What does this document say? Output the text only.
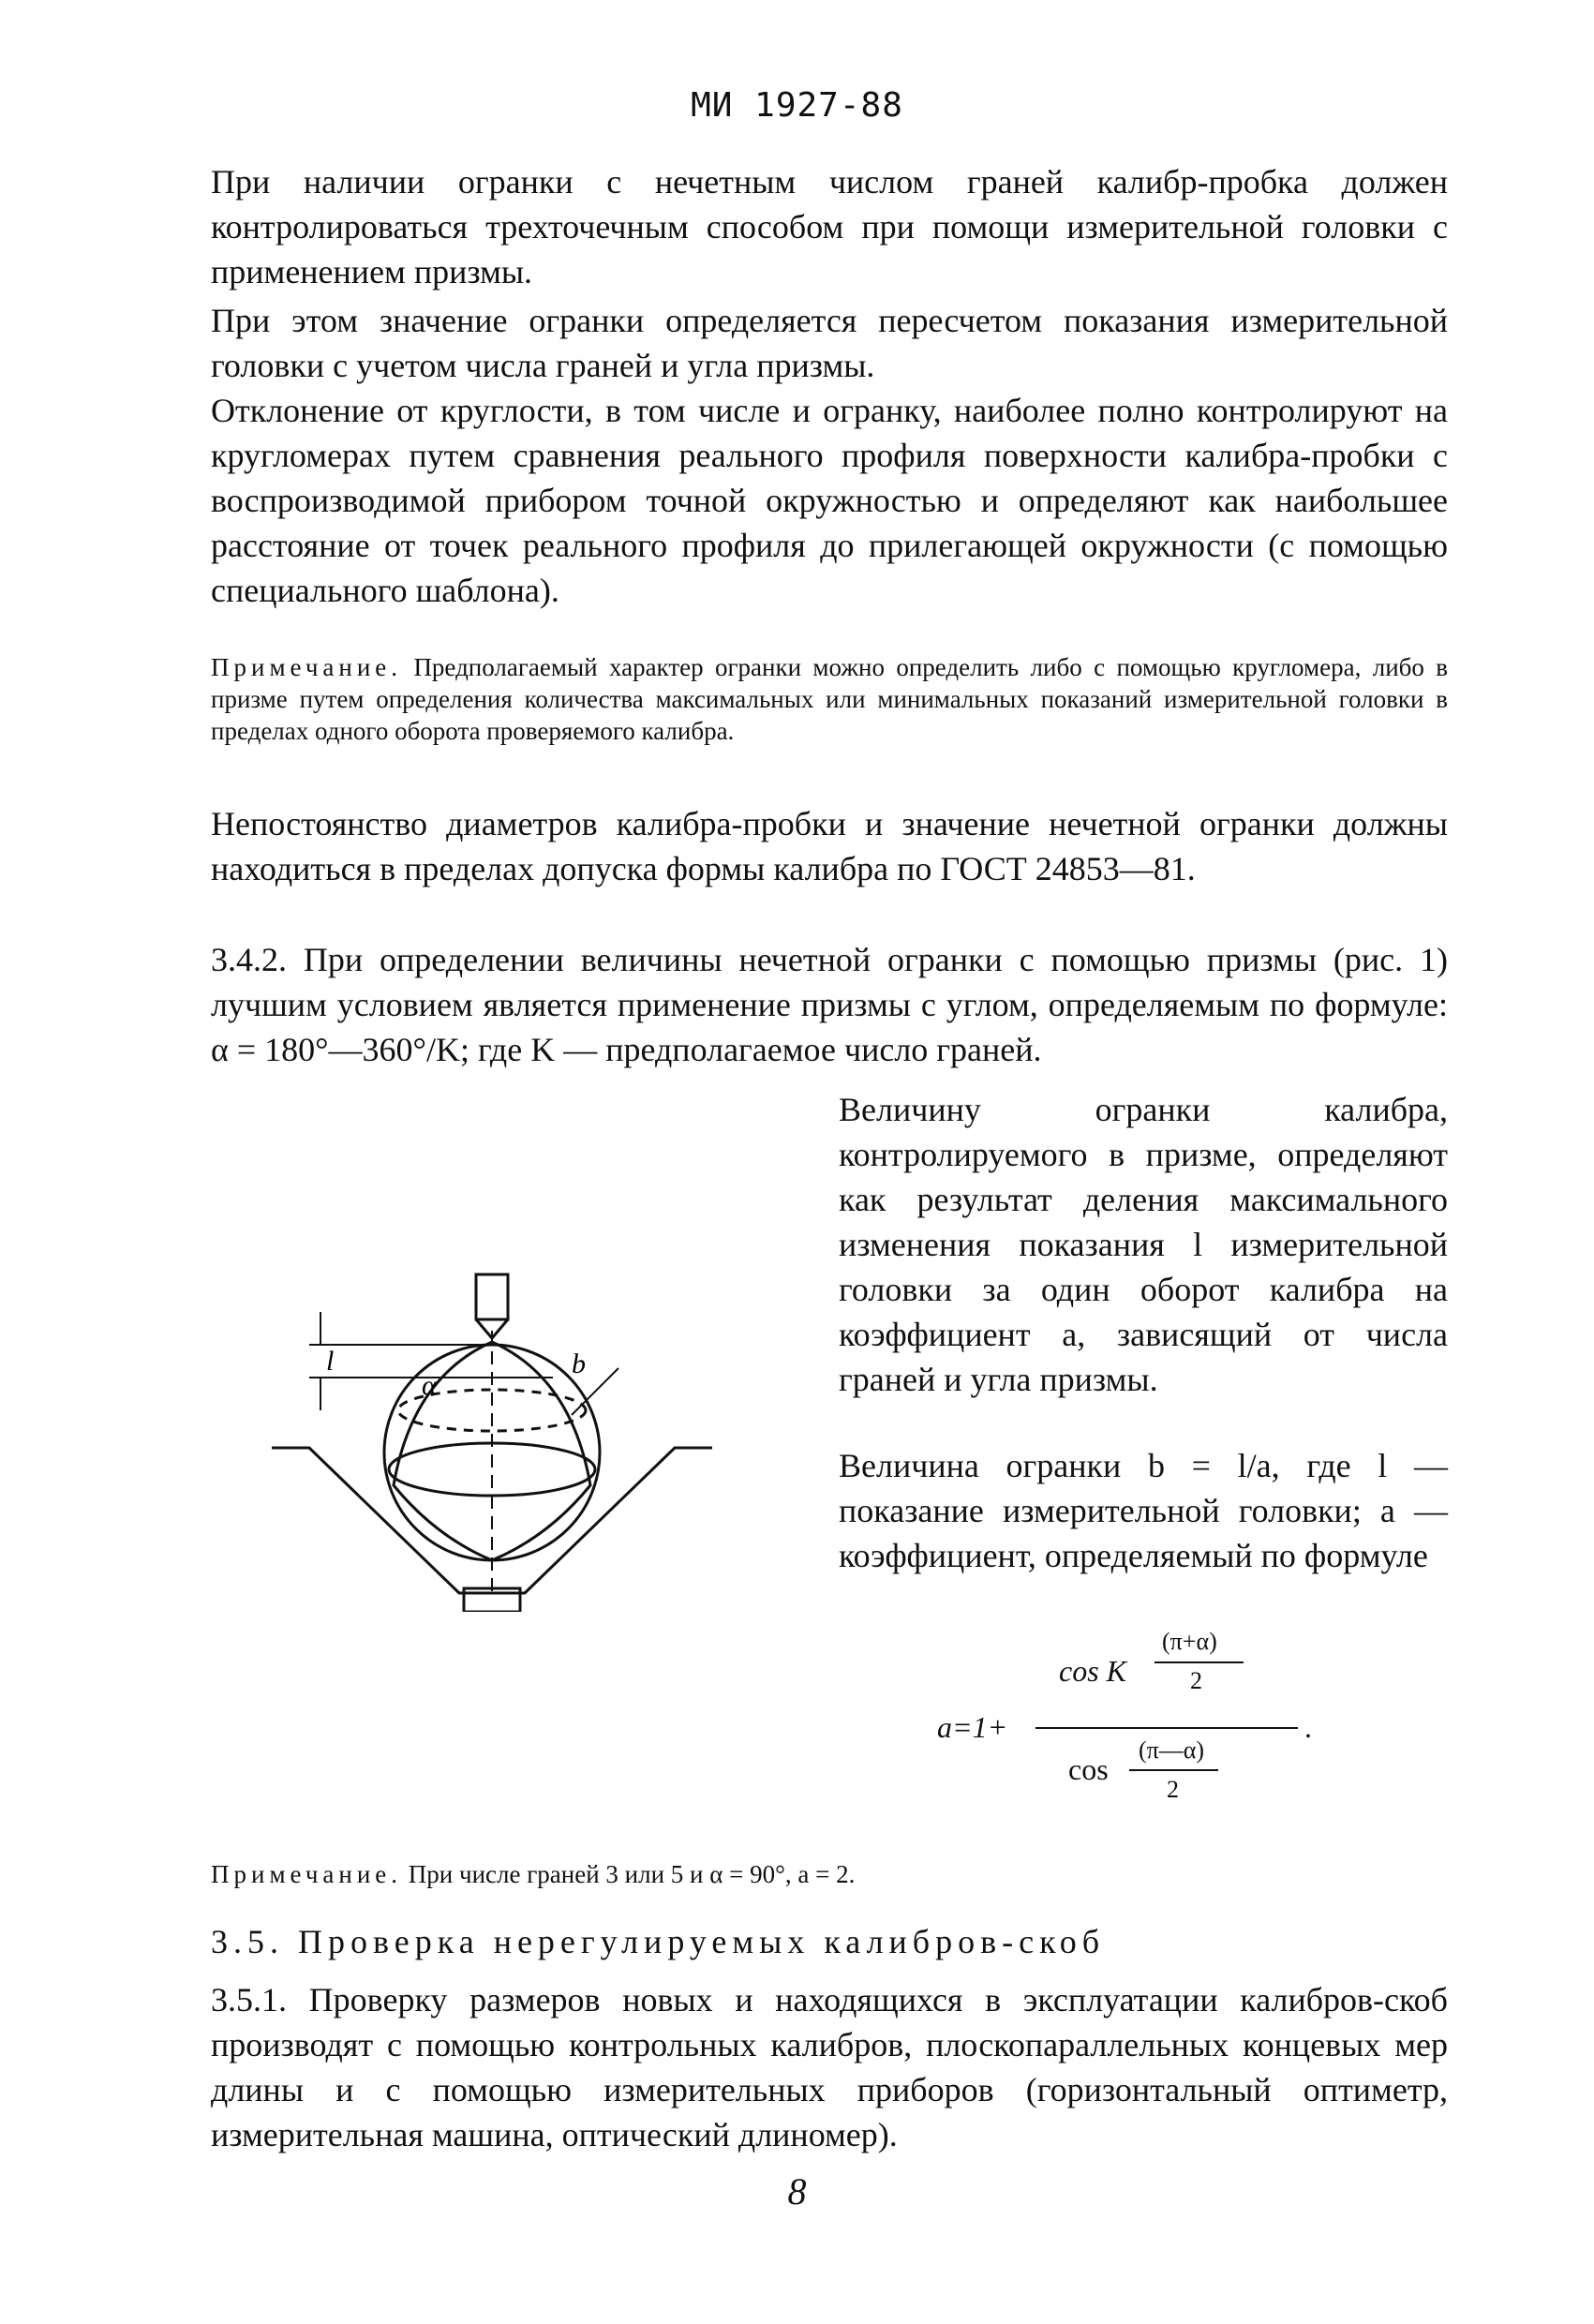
МИ 1927-88
При наличии огранки с нечетным числом граней калибр-пробка должен контролироваться трехточечным способом при помощи измерительной головки с применением призмы.
При этом значение огранки определяется пересчетом показания измерительной головки с учетом числа граней и угла призмы.
Отклонение от круглости, в том числе и огранку, наиболее полно контролируют на кругломерах путем сравнения реального профиля поверхности калибра-пробки с воспроизводимой прибором точной окружностью и определяют как наибольшее расстояние от точек реального профиля до прилегающей окружности (с помощью специального шаблона).
Примечание. Предполагаемый характер огранки можно определить либо с помощью кругломера, либо в призме путем определения количества максимальных или минимальных показаний измерительной головки в пределах одного оборота проверяемого калибра.
Непостоянство диаметров калибра-пробки и значение нечетной огранки должны находиться в пределах допуска формы калибра по ГОСТ 24853—81.
3.4.2. При определении величины нечетной огранки с помощью призмы (рис. 1) лучшим условием является применение призмы с углом, определяемым по формуле: α = 180°—360°/K; где K — предполагаемое число граней.
Величину огранки калибра, контролируемого в призме, определяют как результат деления максимального изменения показания l измерительной головки за один оборот калибра на коэффициент a, зависящий от числа граней и угла призмы.
Величина огранки b = l/a, где l — показание измерительной головки; a — коэффициент, определяемый по формуле
l
α
b
a=1+
cos K
(π+α)
2
cos
(π—α)
2
.
Примечание. При числе граней 3 или 5 и α = 90°, a = 2.
3.5. Проверка нерегулируемых калибров-скоб
3.5.1. Проверку размеров новых и находящихся в эксплуатации калибров-скоб производят с помощью контрольных калибров, плоскопараллельных концевых мер длины и с помощью измерительных приборов (горизонтальный оптиметр, измерительная машина, оптический длиномер).
8
